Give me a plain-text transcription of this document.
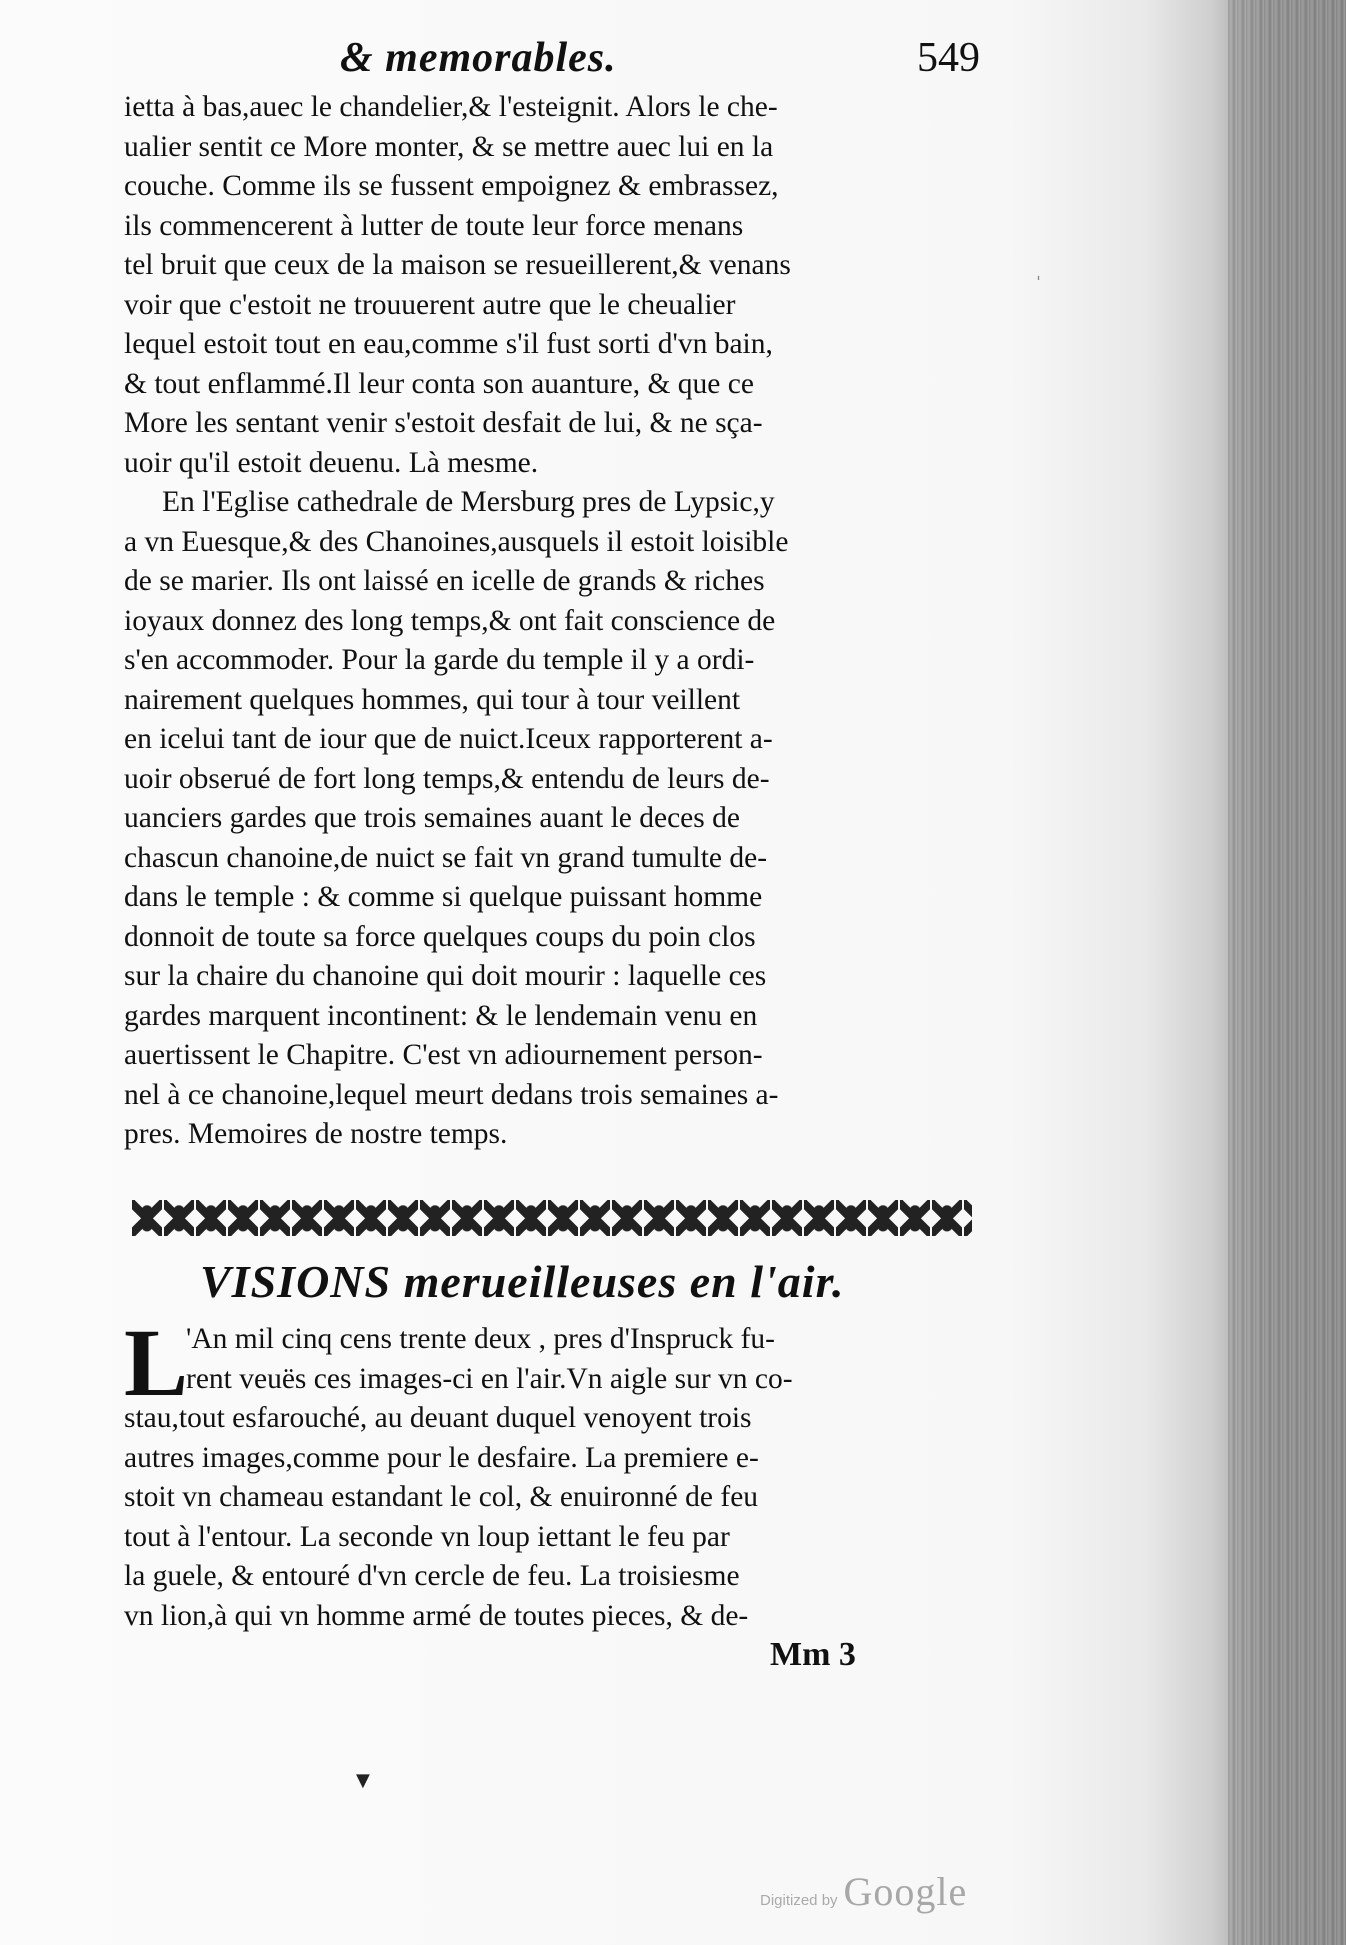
& memorables.	549
ietta à bas,auec le chandelier,& l'esteignit. Alors le che-
ualier sentit ce More monter, & se mettre auec lui en la
couche. Comme ils se fussent empoignez & embrassez,
ils commencerent à lutter de toute leur force menans
tel bruit que ceux de la maison se resueillerent,& venans
voir que c'estoit ne trouuerent autre que le cheualier
lequel estoit tout en eau,comme s'il fust sorti d'vn bain,
& tout enflammé.Il leur conta son auanture, & que ce
More les sentant venir s'estoit desfait de lui, & ne sça-
uoir qu'il estoit deuenu. Là mesme.
En l'Eglise cathedrale de Mersburg pres de Lypsic,y
a vn Euesque,& des Chanoines,ausquels il estoit loisible
de se marier. Ils ont laissé en icelle de grands & riches
ioyaux donnez des long temps,& ont fait conscience de
s'en accommoder. Pour la garde du temple il y a ordi-
nairement quelques hommes, qui tour à tour veillent
en icelui tant de iour que de nuict.Iceux rapporterent a-
uoir obserué de fort long temps,& entendu de leurs de-
uanciers gardes que trois semaines auant le deces de
chascun chanoine,de nuict se fait vn grand tumulte de-
dans le temple : & comme si quelque puissant homme
donnoit de toute sa force quelques coups du poin clos
sur la chaire du chanoine qui doit mourir : laquelle ces
gardes marquent incontinent: & le lendemain venu en
auertissent le Chapitre. C'est vn adiournement person-
nel à ce chanoine,lequel meurt dedans trois semaines a-
pres. Memoires de nostre temps.
ˌ
VISIONS merueilleuses en l'air.
L
'An mil cinq cens trente deux , pres d'Inspruck fu-
rent veuës ces images-ci en l'air.Vn aigle sur vn co-
stau,tout esfarouché, au deuant duquel venoyent trois
autres images,comme pour le desfaire. La premiere e-
stoit vn chameau estandant le col, & enuironné de feu
tout à l'entour. La seconde vn loup iettant le feu par
la guele, & entouré d'vn cercle de feu. La troisiesme
vn lion,à qui vn homme armé de toutes pieces, & de-
Mm 3
▼
Digitized by Google
